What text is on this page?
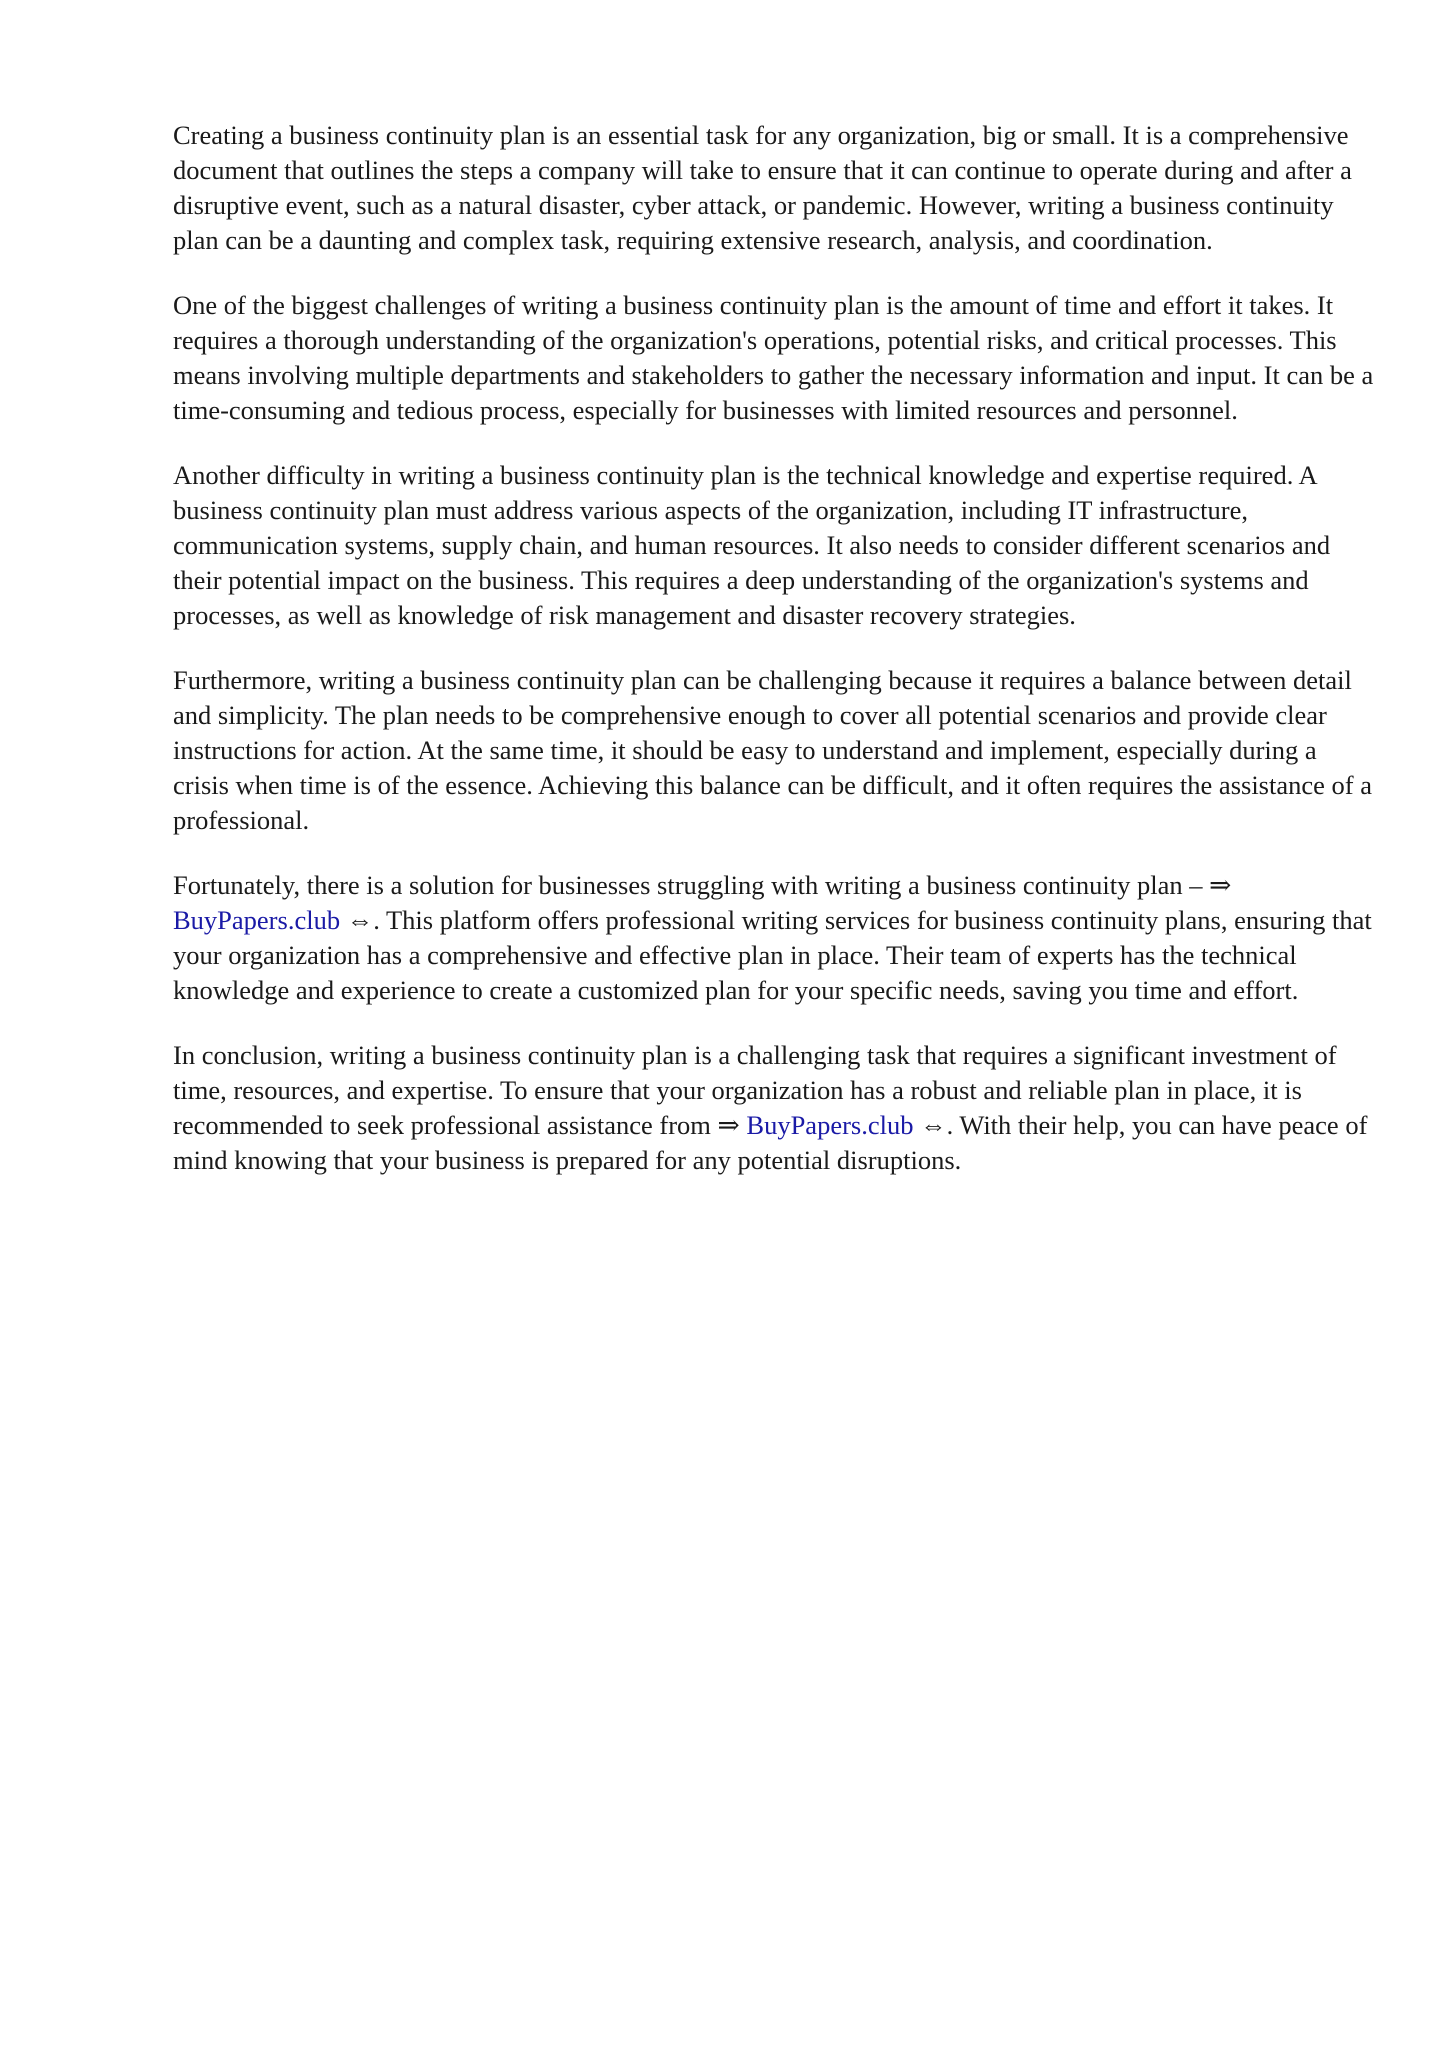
Creating a business continuity plan is an essential task for any organization, big or small. It is a comprehensive document that outlines the steps a company will take to ensure that it can continue to operate during and after a disruptive event, such as a natural disaster, cyber attack, or pandemic. However, writing a business continuity plan can be a daunting and complex task, requiring extensive research, analysis, and coordination.

One of the biggest challenges of writing a business continuity plan is the amount of time and effort it takes. It requires a thorough understanding of the organization's operations, potential risks, and critical processes. This means involving multiple departments and stakeholders to gather the necessary information and input. It can be a time-consuming and tedious process, especially for businesses with limited resources and personnel.

Another difficulty in writing a business continuity plan is the technical knowledge and expertise required. A business continuity plan must address various aspects of the organization, including IT infrastructure, communication systems, supply chain, and human resources. It also needs to consider different scenarios and their potential impact on the business. This requires a deep understanding of the organization's systems and processes, as well as knowledge of risk management and disaster recovery strategies.

Furthermore, writing a business continuity plan can be challenging because it requires a balance between detail and simplicity. The plan needs to be comprehensive enough to cover all potential scenarios and provide clear instructions for action. At the same time, it should be easy to understand and implement, especially during a crisis when time is of the essence. Achieving this balance can be difficult, and it often requires the assistance of a professional.

Fortunately, there is a solution for businesses struggling with writing a business continuity plan – ⇒ BuyPapers.club ⇔. This platform offers professional writing services for business continuity plans, ensuring that your organization has a comprehensive and effective plan in place. Their team of experts has the technical knowledge and experience to create a customized plan for your specific needs, saving you time and effort.

In conclusion, writing a business continuity plan is a challenging task that requires a significant investment of time, resources, and expertise. To ensure that your organization has a robust and reliable plan in place, it is recommended to seek professional assistance from ⇒ BuyPapers.club ⇔. With their help, you can have peace of mind knowing that your business is prepared for any potential disruptions.
